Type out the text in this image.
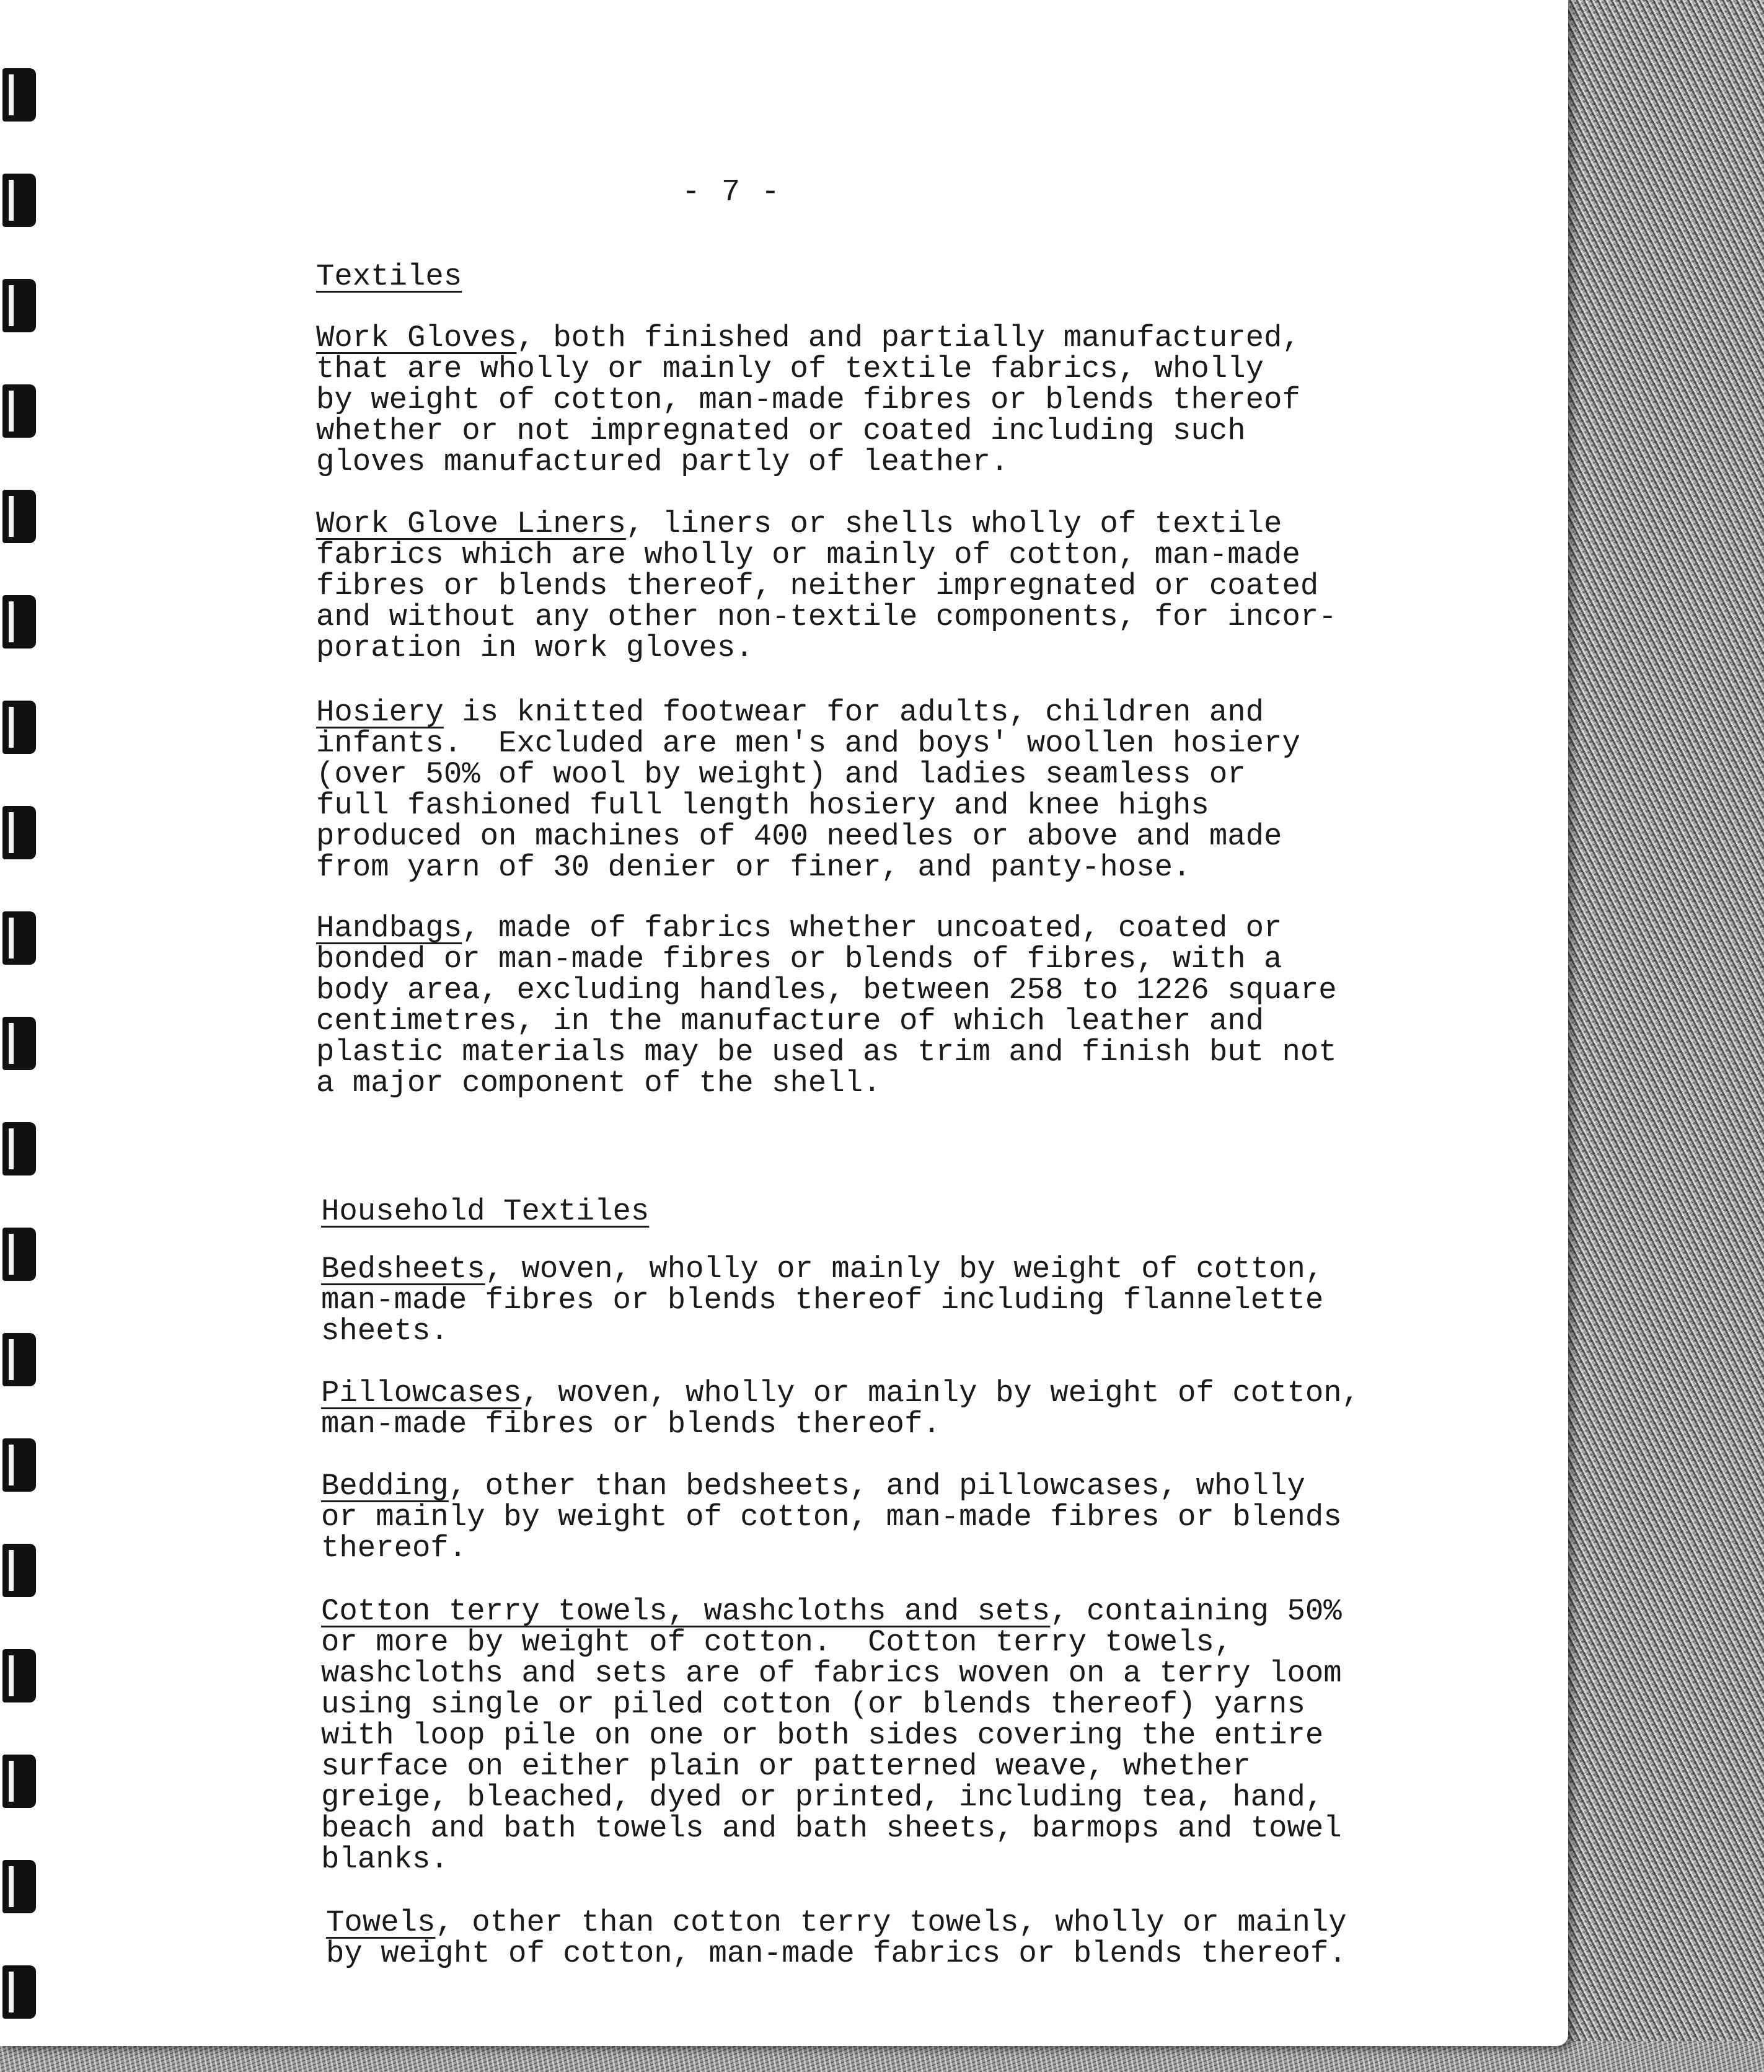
- 7 -
Textiles
Work Gloves, both finished and partially manufactured,
that are wholly or mainly of textile fabrics, wholly
by weight of cotton, man-made fibres or blends thereof
whether or not impregnated or coated including such
gloves manufactured partly of leather.
Work Glove Liners, liners or shells wholly of textile
fabrics which are wholly or mainly of cotton, man-made
fibres or blends thereof, neither impregnated or coated
and without any other non-textile components, for incor-
poration in work gloves.
Hosiery is knitted footwear for adults, children and
infants.  Excluded are men's and boys' woollen hosiery
(over 50% of wool by weight) and ladies seamless or
full fashioned full length hosiery and knee highs
produced on machines of 400 needles or above and made
from yarn of 30 denier or finer, and panty-hose.
Handbags, made of fabrics whether uncoated, coated or
bonded or man-made fibres or blends of fibres, with a
body area, excluding handles, between 258 to 1226 square
centimetres, in the manufacture of which leather and
plastic materials may be used as trim and finish but not
a major component of the shell.
Household Textiles
Bedsheets, woven, wholly or mainly by weight of cotton,
man-made fibres or blends thereof including flannelette
sheets.
Pillowcases, woven, wholly or mainly by weight of cotton,
man-made fibres or blends thereof.
Bedding, other than bedsheets, and pillowcases, wholly
or mainly by weight of cotton, man-made fibres or blends
thereof.
Cotton terry towels, washcloths and sets, containing 50%
or more by weight of cotton.  Cotton terry towels,
washcloths and sets are of fabrics woven on a terry loom
using single or piled cotton (or blends thereof) yarns
with loop pile on one or both sides covering the entire
surface on either plain or patterned weave, whether
greige, bleached, dyed or printed, including tea, hand,
beach and bath towels and bath sheets, barmops and towel
blanks.
Towels, other than cotton terry towels, wholly or mainly
by weight of cotton, man-made fabrics or blends thereof.
